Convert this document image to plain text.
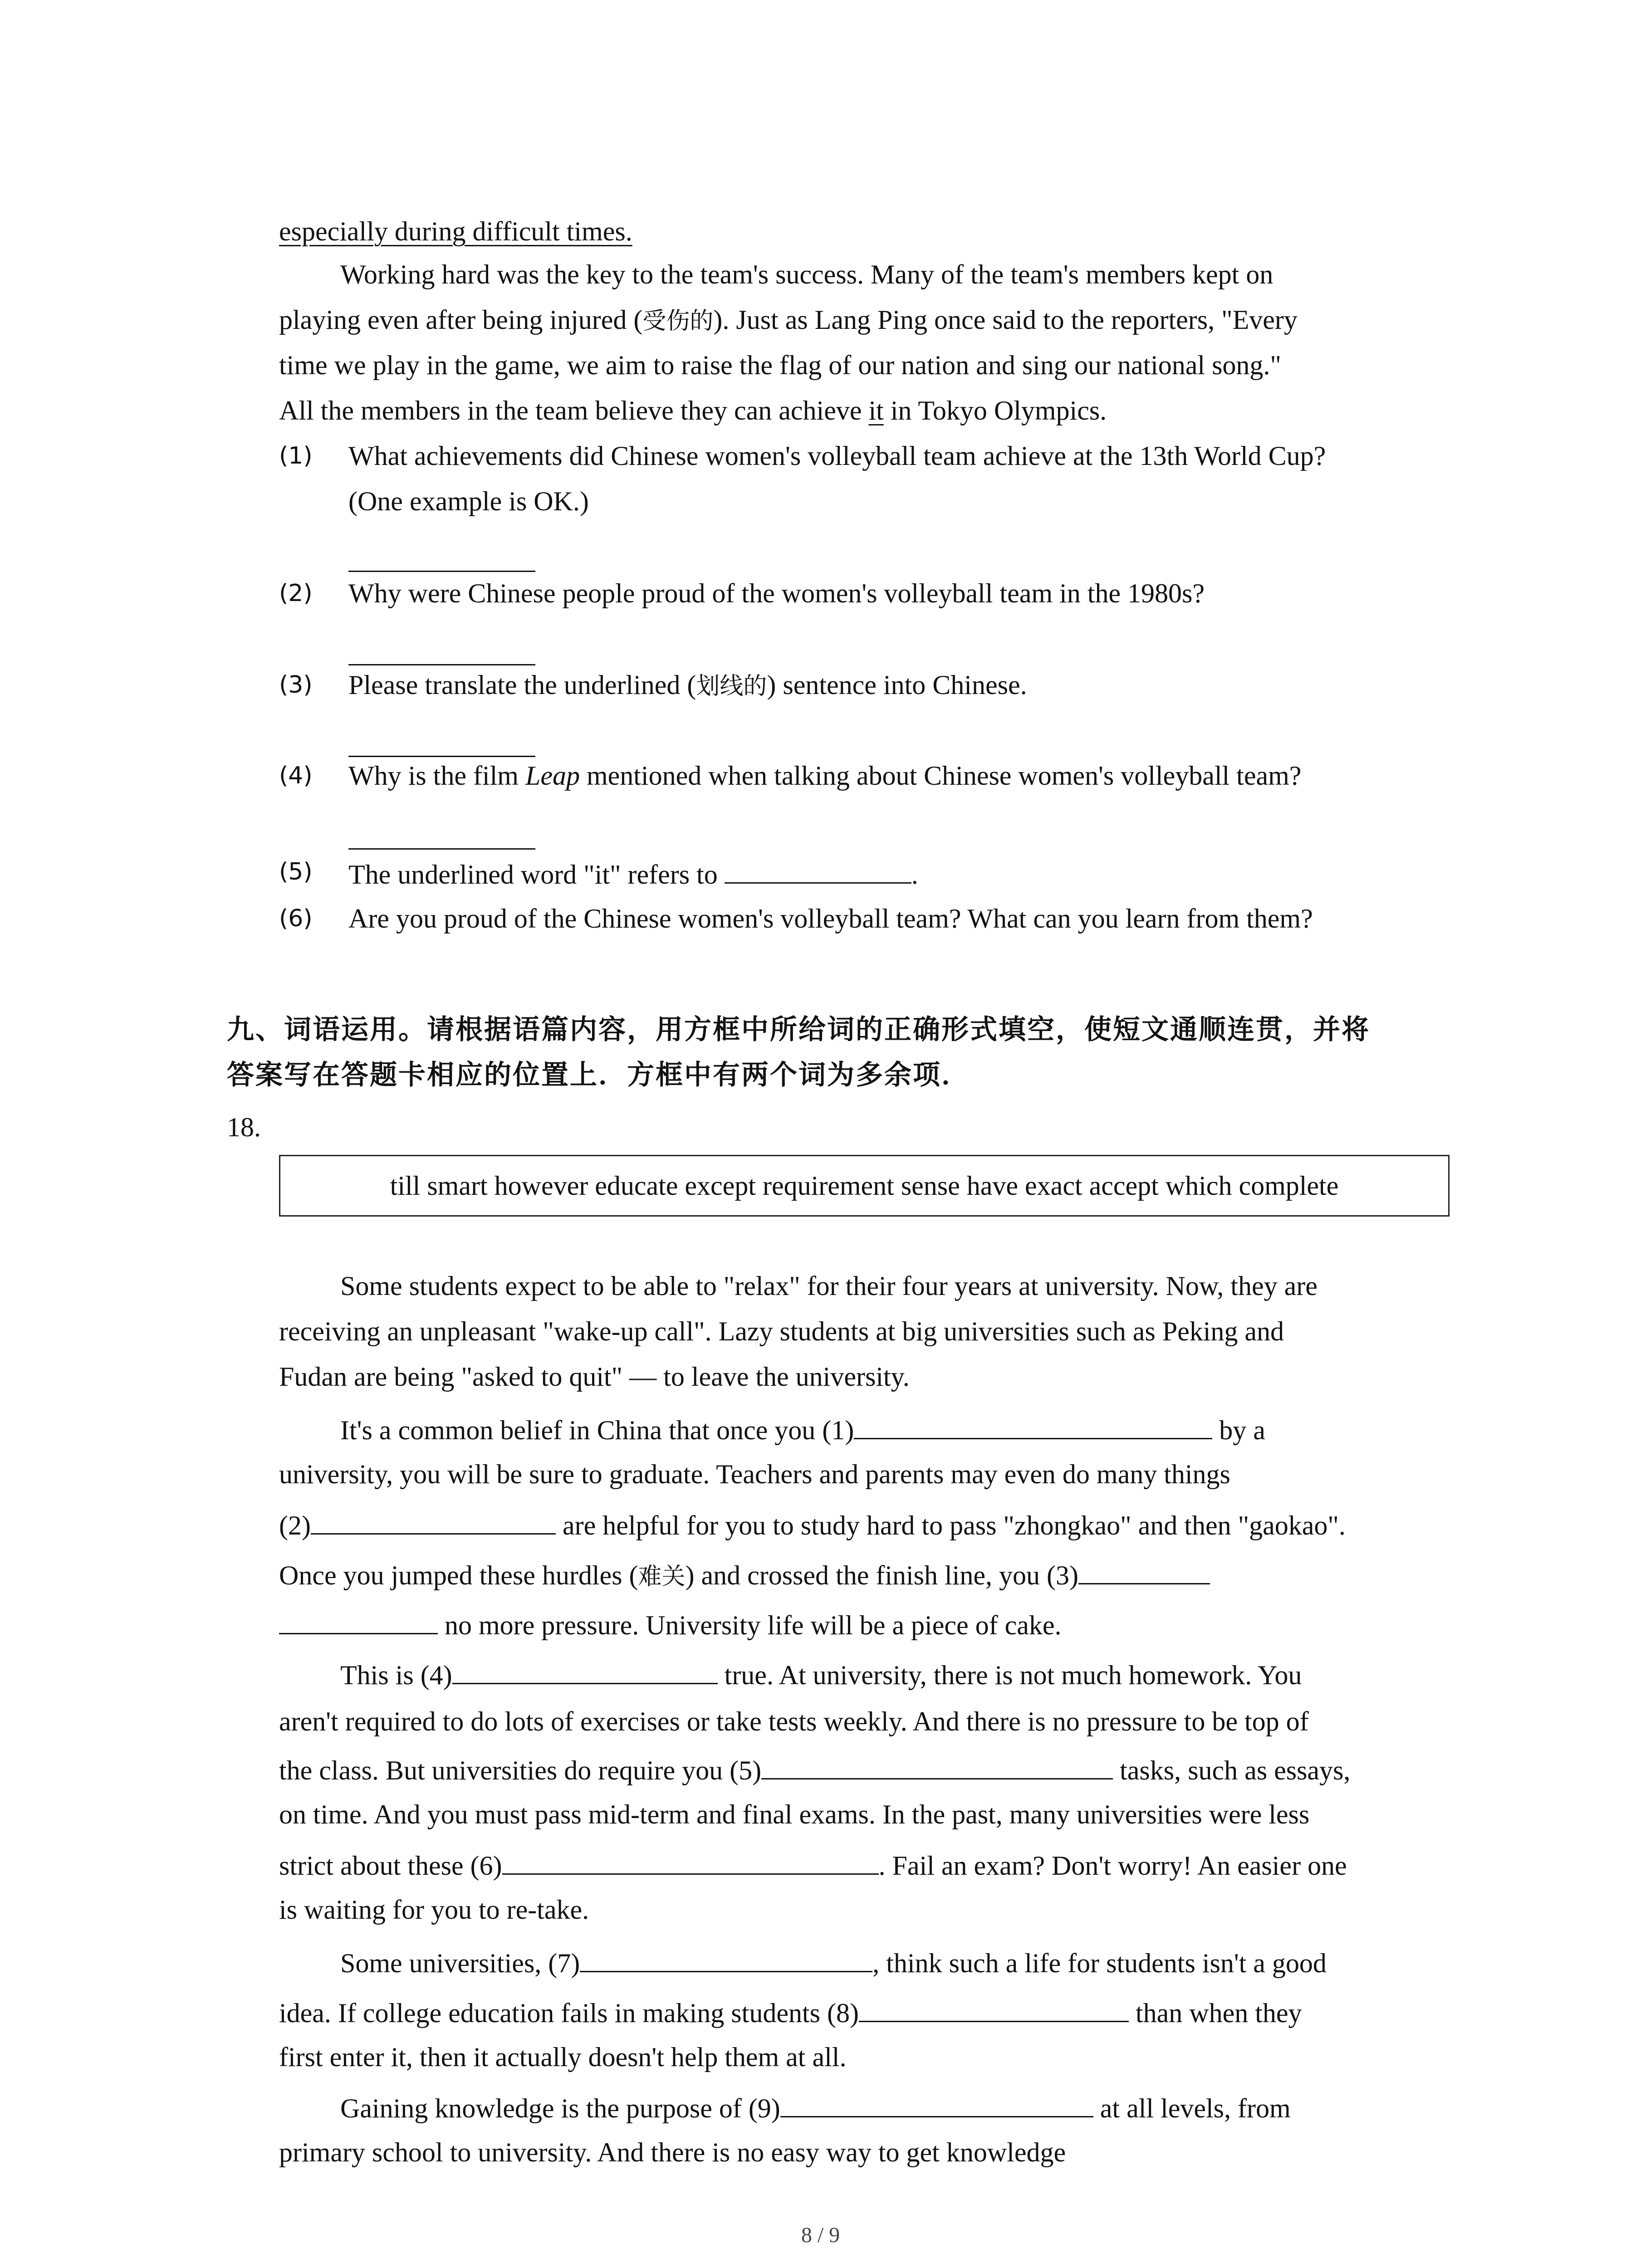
especially during difficult times.
Working hard was the key to the team's success. Many of the team's members kept on
playing even after being injured (受伤的). Just as Lang Ping once said to the reporters, "Every
time we play in the game, we aim to raise the flag of our nation and sing our national song."
All the members in the team believe they can achieve it in Tokyo Olympics.
(1) What achievements did Chinese women's volleyball team achieve at the 13th World Cup?
(One example is OK.)
(2) Why were Chinese people proud of the women's volleyball team in the 1980s?
(3) Please translate the underlined (划线的) sentence into Chinese.
(4) Why is the film Leap mentioned when talking about Chinese women's volleyball team?
(5) The underlined word "it" refers to	.
(6) Are you proud of the Chinese women's volleyball team? What can you learn from them?
九、词语运用。请根据语篇内容，用方框中所给词的正确形式填空，使短文通顺连贯，并将
答案写在答题卡相应的位置上．方框中有两个词为多余项．
18.
till smart however educate except requirement sense have exact accept which complete
Some students expect to be able to "relax" for their four years at university. Now, they are
receiving an unpleasant "wake-up call". Lazy students at big universities such as Peking and
Fudan are being "asked to quit" — to leave the university.
It's a common belief in China that once you (1)	by a
university, you will be sure to graduate. Teachers and parents may even do many things
(2)	are helpful for you to study hard to pass "zhongkao" and then "gaokao".
Once you jumped these hurdles (难关) and crossed the finish line, you (3)
no more pressure. University life will be a piece of cake.
This is (4)	true. At university, there is not much homework. You
aren't required to do lots of exercises or take tests weekly. And there is no pressure to be top of
the class. But universities do require you (5)	tasks, such as essays,
on time. And you must pass mid-term and final exams. In the past, many universities were less
strict about these (6)	. Fail an exam? Don't worry! An easier one
is waiting for you to re-take.
Some universities, (7)	, think such a life for students isn't a good
idea. If college education fails in making students (8)	than when they
first enter it, then it actually doesn't help them at all.
Gaining knowledge is the purpose of (9)	at all levels, from
primary school to university. And there is no easy way to get knowledge
8 / 9
